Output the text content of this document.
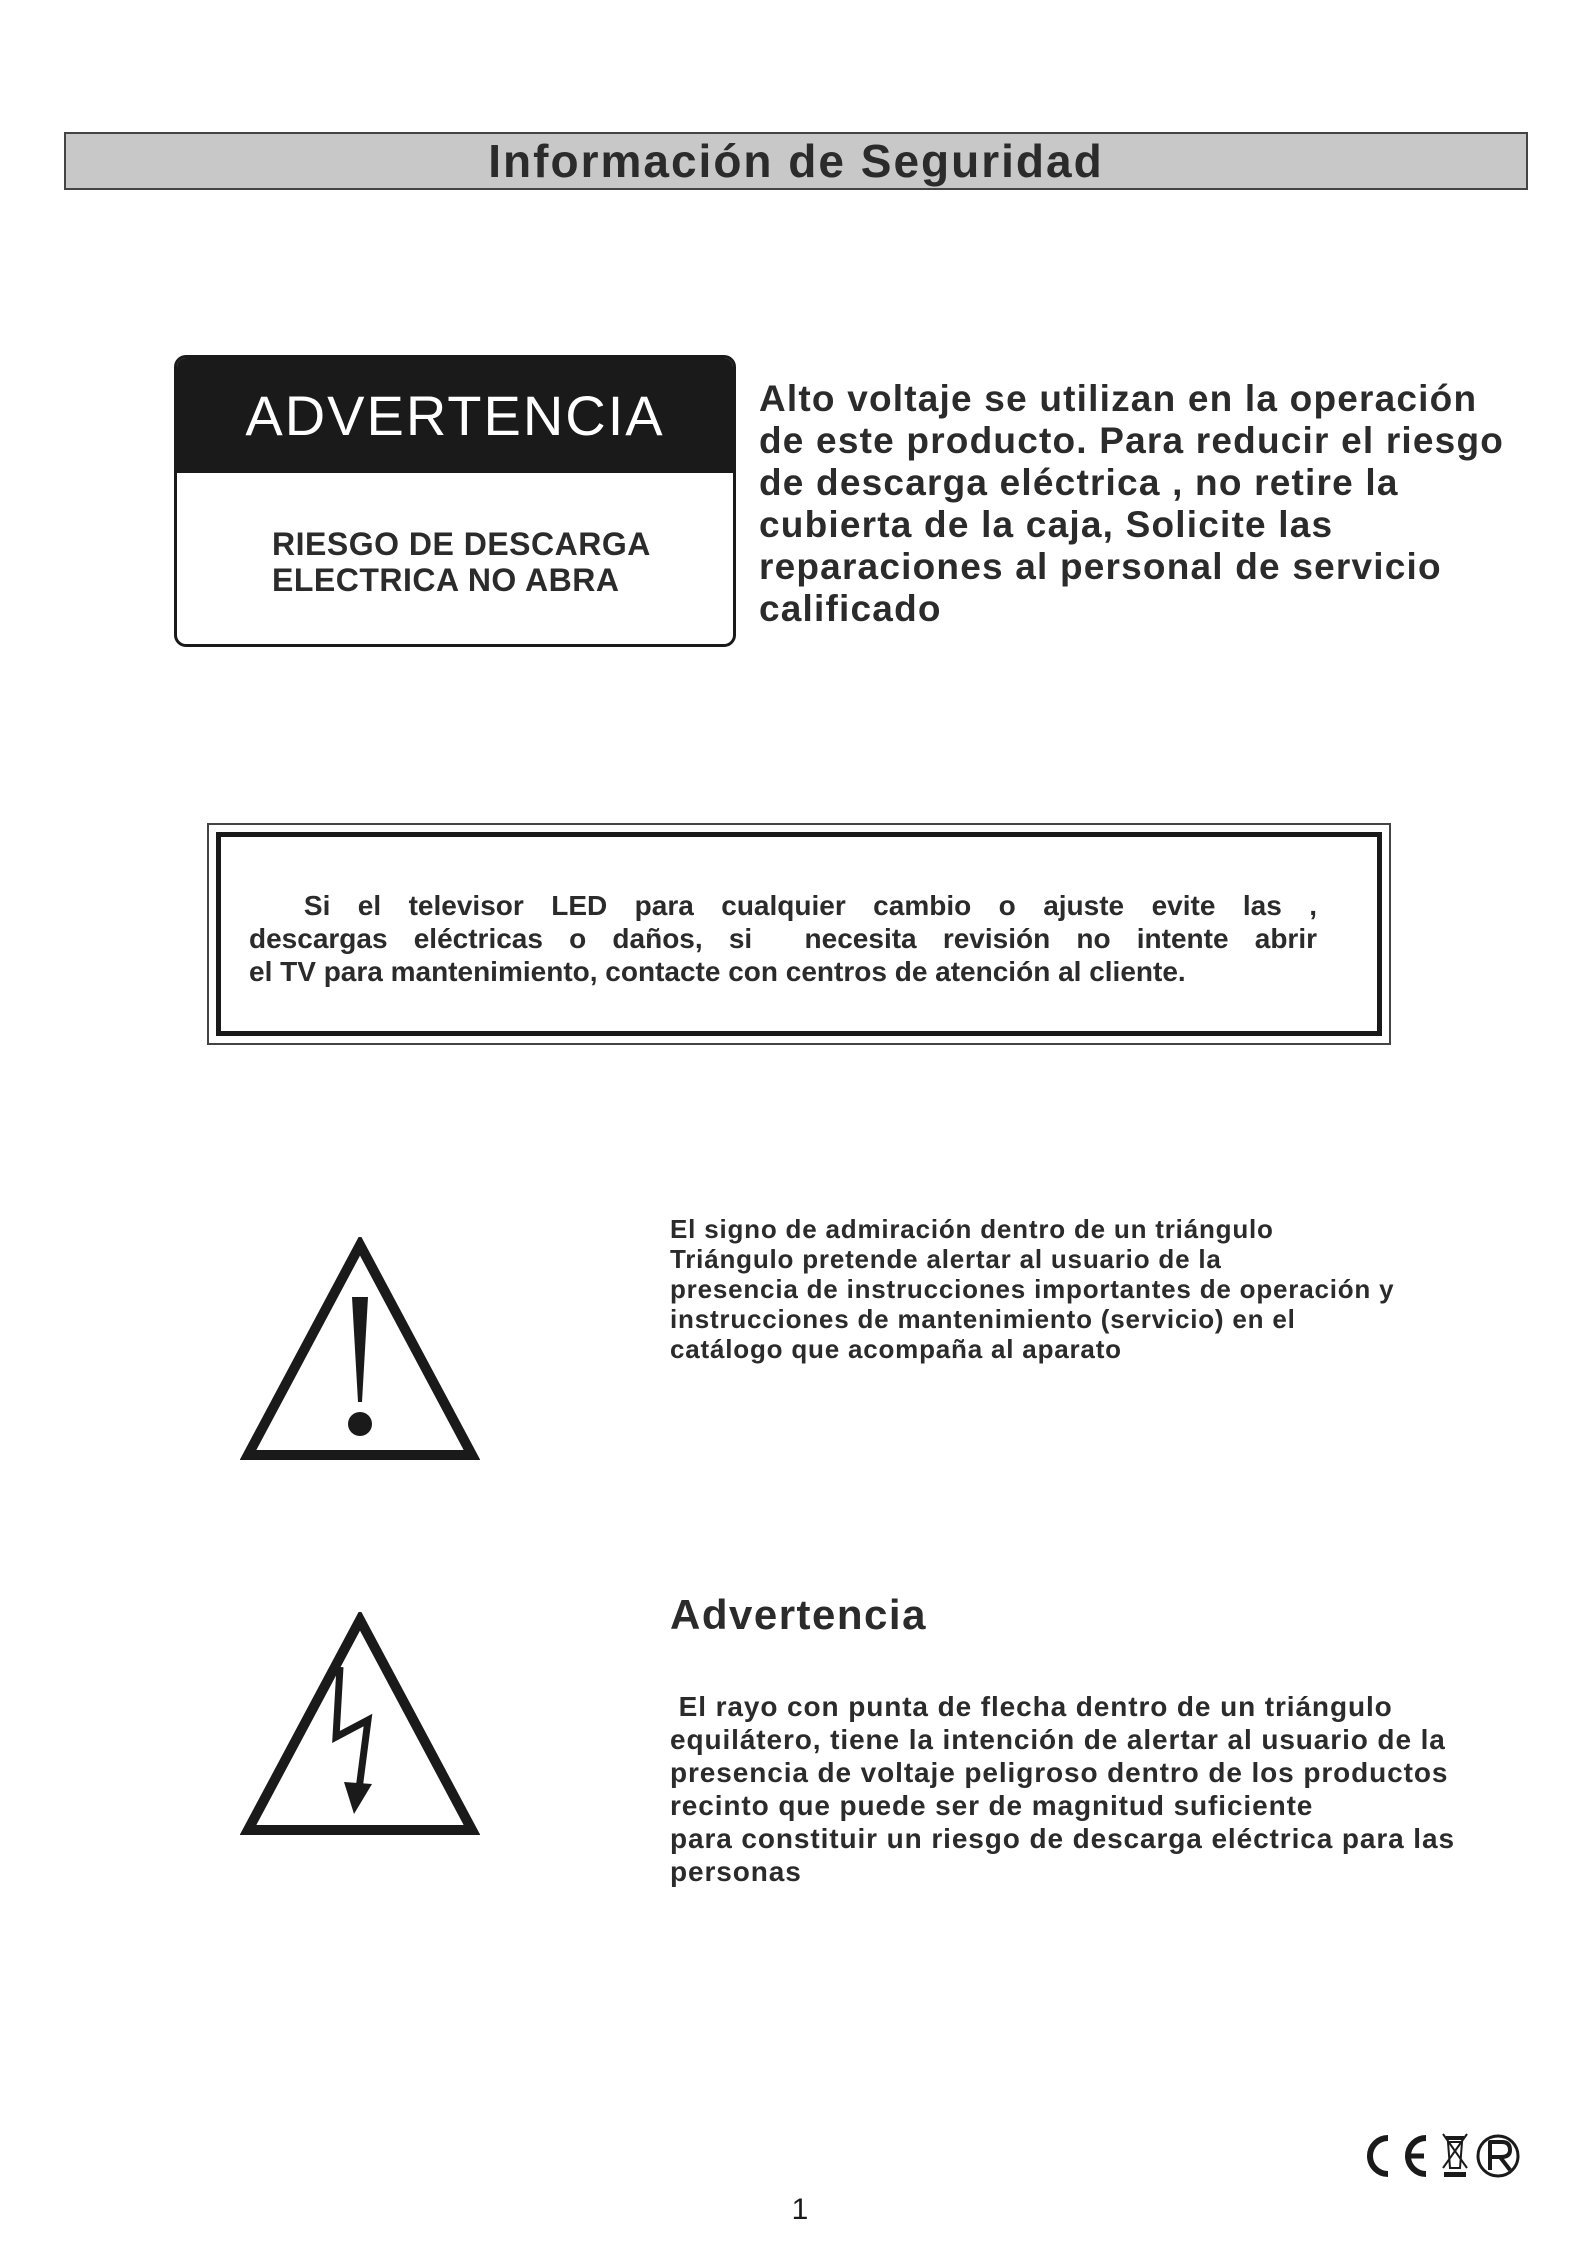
Información de Seguridad
ADVERTENCIA
RIESGO DE DESCARGA
ELECTRICA NO ABRA
Alto voltaje se utilizan en la operación
de este producto. Para reducir el riesgo
de descarga eléctrica , no retire la
cubierta de la caja, Solicite las
reparaciones al personal de servicio
calificado
Si el televisor LED para cualquier cambio o ajuste evite las ,
descargas eléctricas o daños, si  necesita revisión no intente abrir
el TV para mantenimiento, contacte con centros de atención al cliente.
El signo de admiración dentro de un triángulo
Triángulo pretende alertar al usuario de la
presencia de instrucciones importantes de operación y
instrucciones de mantenimiento (servicio) en el
catálogo que acompaña al aparato
Advertencia
El rayo con punta de flecha dentro de un triángulo
equilátero, tiene la intención de alertar al usuario de la
presencia de voltaje peligroso dentro de los productos
recinto que puede ser de magnitud suficiente
para constituir un riesgo de descarga eléctrica para las
personas
1
